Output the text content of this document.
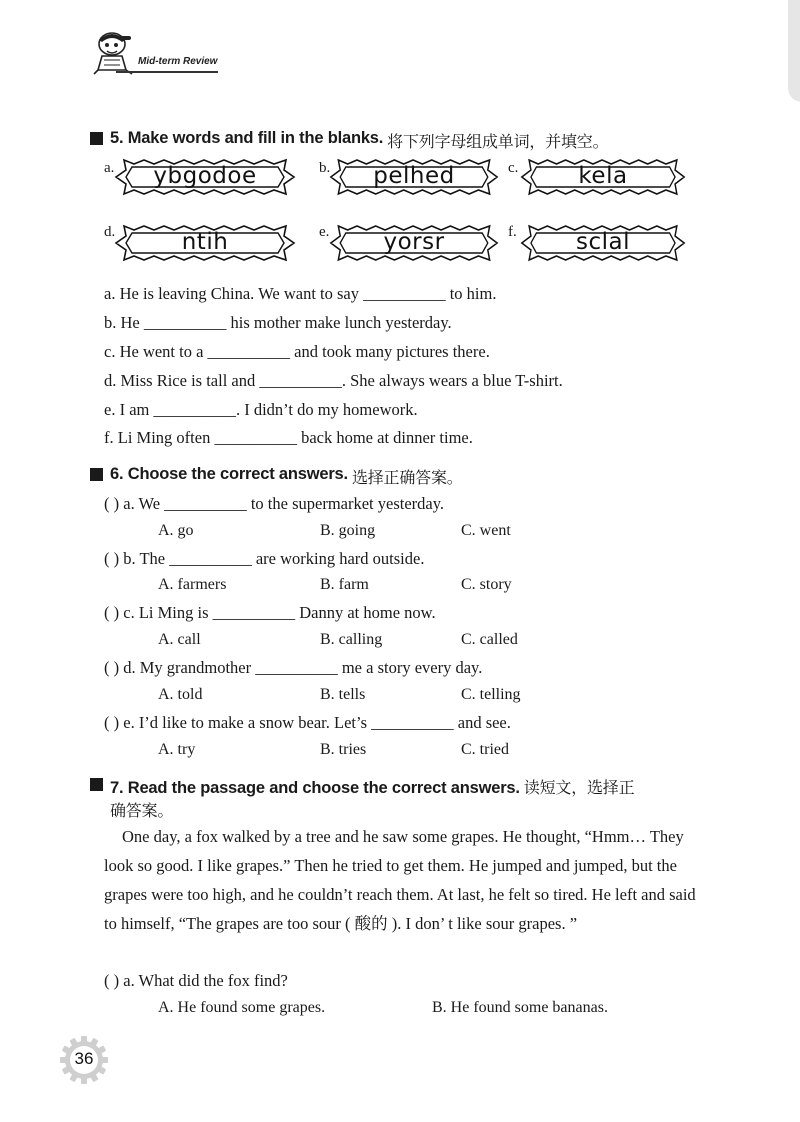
Mid-term Review
5. Make words and fill in the blanks. 将下列字母组成单词，并填空。
a.	ybgodoe	b.	pelhed	c.	kela
d.	ntih	e.	yorsr	f.	sclal
a. He is leaving China. We want to say __________ to him.
b. He __________ his mother make lunch yesterday.
c. He went to a __________ and took many pictures there.
d. Miss Rice is tall and __________. She always wears a blue T-shirt.
e. I am __________. I didn’t do my homework.
f. Li Ming often __________ back home at dinner time.
6. Choose the correct answers. 选择正确答案。
( ) a. We __________ to the supermarket yesterday.
A. go	B. going	C. went
( ) b. The __________ are working hard outside.
A. farmers	B. farm	C. story
( ) c. Li Ming is __________ Danny at home now.
A. call	B. calling	C. called
( ) d. My grandmother __________ me a story every day.
A. told	B. tells	C. telling
( ) e. I’d like to make a snow bear. Let’s __________ and see.
A. try	B. tries	C. tried
7. Read the passage and choose the correct answers. 读短文，选择正
确答案。

One day, a fox walked by a tree and he saw some grapes. He thought, “Hmm… They look so good. I like grapes.” Then he tried to get them. He jumped and jumped, but the grapes were too high, and he couldn’t reach them. At last, he felt so tired. He left and said to himself, “The grapes are too sour ( 酸的 ). I don’ t like sour grapes. ”

( ) a. What did the fox find?
A. He found some grapes.	B. He found some bananas.
36
